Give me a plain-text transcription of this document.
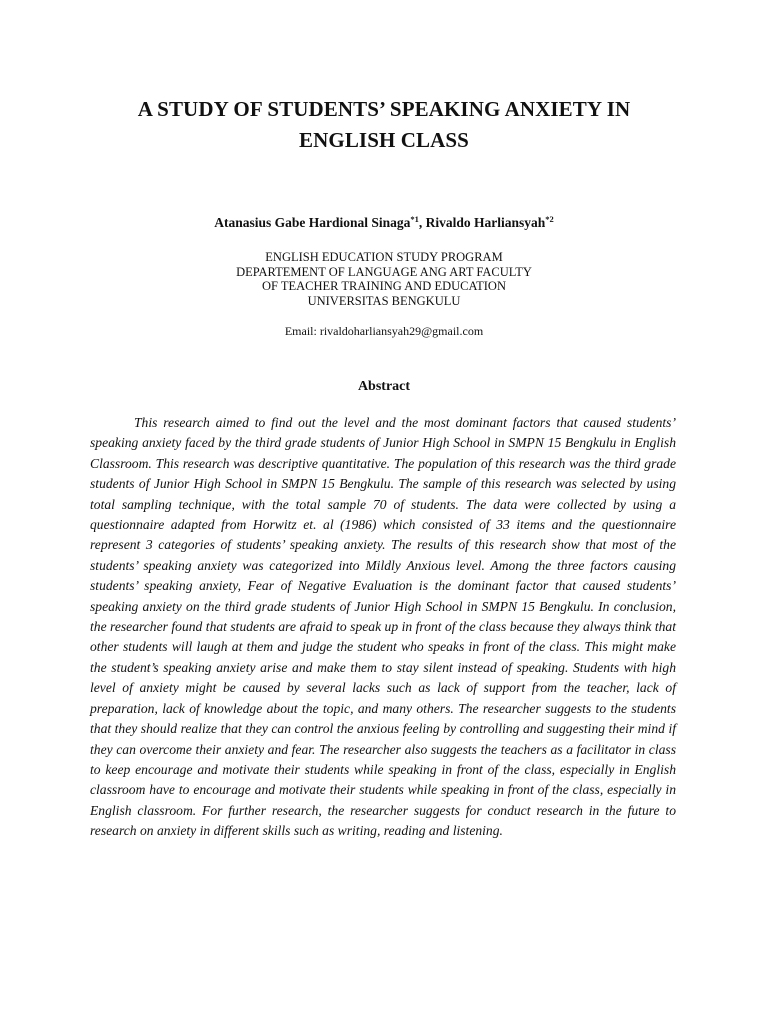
A STUDY OF STUDENTS’ SPEAKING ANXIETY IN
ENGLISH CLASS
Atanasius Gabe Hardional Sinaga$^{*1}$, Rivaldo Harliansyah$^{*2}$
ENGLISH EDUCATION STUDY PROGRAM
DEPARTEMENT OF LANGUAGE ANG ART FACULTY
OF TEACHER TRAINING AND EDUCATION
UNIVERSITAS BENGKULU
Email: rivaldoharliansyah29@gmail.com
Abstract

This research aimed to find out the level and the most dominant factors that caused students’ speaking anxiety faced by the third grade students of Junior High School in SMPN 15 Bengkulu in English Classroom. This research was descriptive quantitative. The population of this research was the third grade students of Junior High School in SMPN 15 Bengkulu. The sample of this research was selected by using total sampling technique, with the total sample 70 of students. The data were collected by using a questionnaire adapted from Horwitz et. al (1986) which consisted of 33 items and the questionnaire represent 3 categories of students’ speaking anxiety. The results of this research show that most of the students’ speaking anxiety was categorized into Mildly Anxious level. Among the three factors causing students’ speaking anxiety, Fear of Negative Evaluation is the dominant factor that caused students’ speaking anxiety on the third grade students of Junior High School in SMPN 15 Bengkulu. In conclusion, the researcher found that students are afraid to speak up in front of the class because they always think that other students will laugh at them and judge the student who speaks in front of the class. This might make the student’s speaking anxiety arise and make them to stay silent instead of speaking. Students with high level of anxiety might be caused by several lacks such as lack of support from the teacher, lack of preparation, lack of knowledge about the topic, and many others. The researcher suggests to the students that they should realize that they can control the anxious feeling by controlling and suggesting their mind if they can overcome their anxiety and fear. The researcher also suggests the teachers as a facilitator in class to keep encourage and motivate their students while speaking in front of the class, especially in English classroom have to encourage and motivate their students while speaking in front of the class, especially in English classroom. For further research, the researcher suggests for conduct research in the future to research on anxiety in different skills such as writing, reading and listening.
